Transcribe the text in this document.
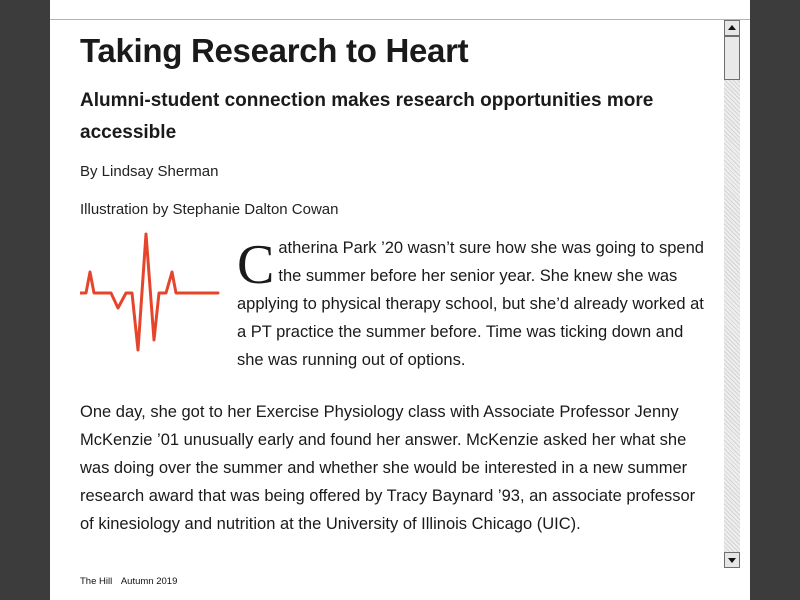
Taking Research to Heart
Alumni-student connection makes research opportunities more accessible
By Lindsay Sherman
Illustration by Stephanie Dalton Cowan

Catherina Park ’20 wasn’t sure how she was going to spend the summer before her senior year. She knew she was applying to physical therapy school, but she’d already worked at a PT practice the summer before. Time was ticking down and she was running out of options.

One day, she got to her Exercise Physiology class with Associate Professor Jenny McKenzie ’01 unusually early and found her answer. McKenzie asked her what she was doing over the summer and whether she would be interested in a new summer research award that was being offered by Tracy Baynard ’93, an associate professor of kinesiology and nutrition at the University of Illinois Chicago (UIC).

The Hill Autumn 2019
